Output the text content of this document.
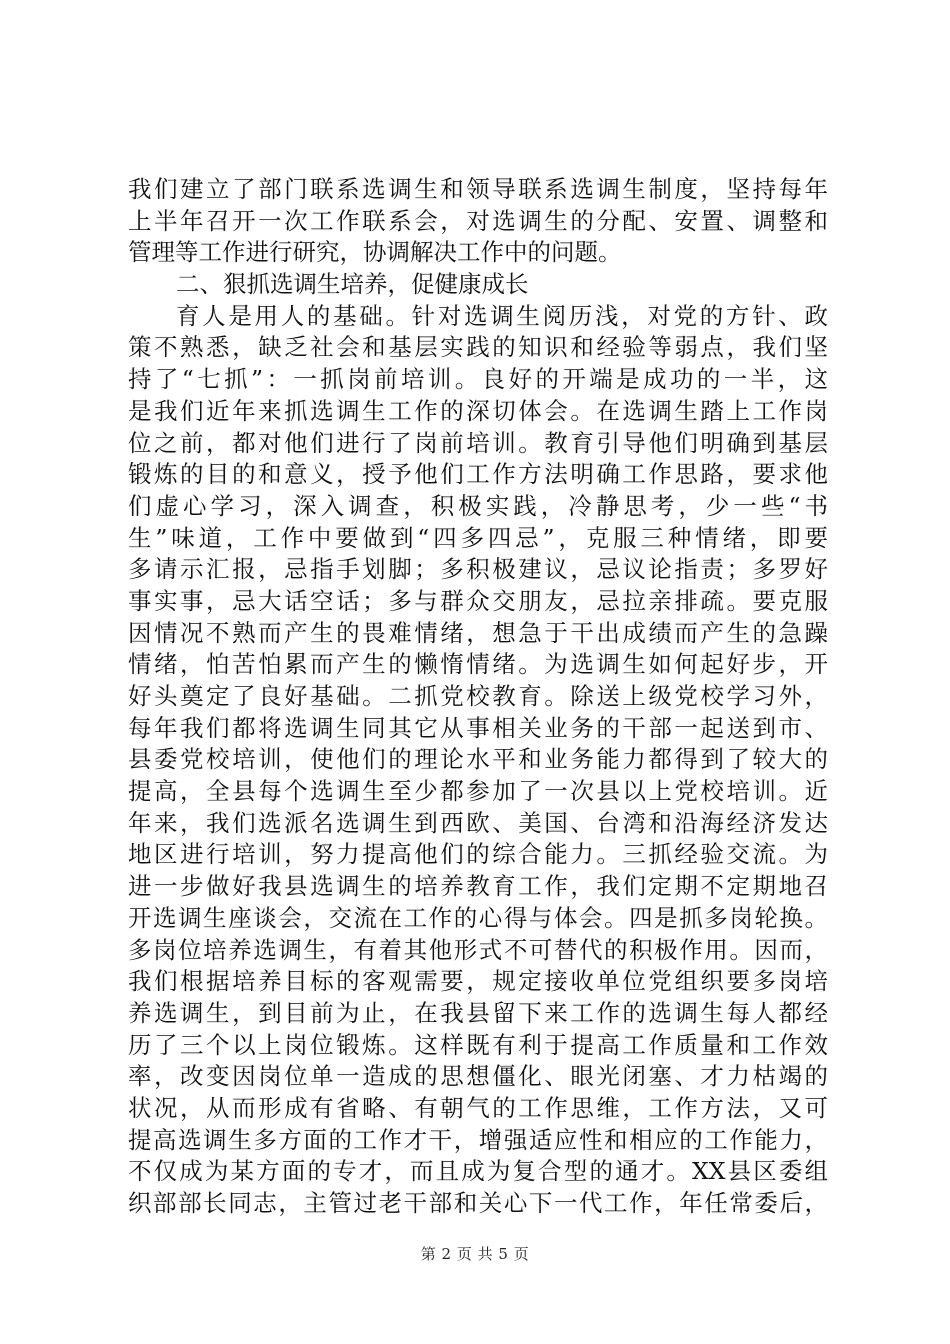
我们建立了部门联系选调生和领导联系选调生制度，坚持每年
上半年召开一次工作联系会，对选调生的分配、安置、调整和
管理等工作进行研究，协调解决工作中的问题。
二、狠抓选调生培养，促健康成长
育人是用人的基础。针对选调生阅历浅，对党的方针、政
策不熟悉，缺乏社会和基层实践的知识和经验等弱点，我们坚
持了“七抓”：一抓岗前培训。良好的开端是成功的一半，这
是我们近年来抓选调生工作的深切体会。在选调生踏上工作岗
位之前，都对他们进行了岗前培训。教育引导他们明确到基层
锻炼的目的和意义，授予他们工作方法明确工作思路，要求他
们虚心学习，深入调查，积极实践，冷静思考，少一些“书
生”味道，工作中要做到“四多四忌”，克服三种情绪，即要
多请示汇报，忌指手划脚；多积极建议，忌议论指责；多罗好
事实事，忌大话空话；多与群众交朋友，忌拉亲排疏。要克服
因情况不熟而产生的畏难情绪，想急于干出成绩而产生的急躁
情绪，怕苦怕累而产生的懒惰情绪。为选调生如何起好步，开
好头奠定了良好基础。二抓党校教育。除送上级党校学习外，
每年我们都将选调生同其它从事相关业务的干部一起送到市、
县委党校培训，使他们的理论水平和业务能力都得到了较大的
提高，全县每个选调生至少都参加了一次县以上党校培训。近
年来，我们选派名选调生到西欧、美国、台湾和沿海经济发达
地区进行培训，努力提高他们的综合能力。三抓经验交流。为
进一步做好我县选调生的培养教育工作，我们定期不定期地召
开选调生座谈会，交流在工作的心得与体会。四是抓多岗轮换。
多岗位培养选调生，有着其他形式不可替代的积极作用。因而，
我们根据培养目标的客观需要，规定接收单位党组织要多岗培
养选调生，到目前为止，在我县留下来工作的选调生每人都经
历了三个以上岗位锻炼。这样既有利于提高工作质量和工作效
率，改变因岗位单一造成的思想僵化、眼光闭塞、才力枯竭的
状况，从而形成有省略、有朝气的工作思维，工作方法，又可
提高选调生多方面的工作才干，增强适应性和相应的工作能力，
不仅成为某方面的专才，而且成为复合型的通才。XX县区委组
织部部长同志，主管过老干部和关心下一代工作，年任常委后，
第 2 页 共 5 页
